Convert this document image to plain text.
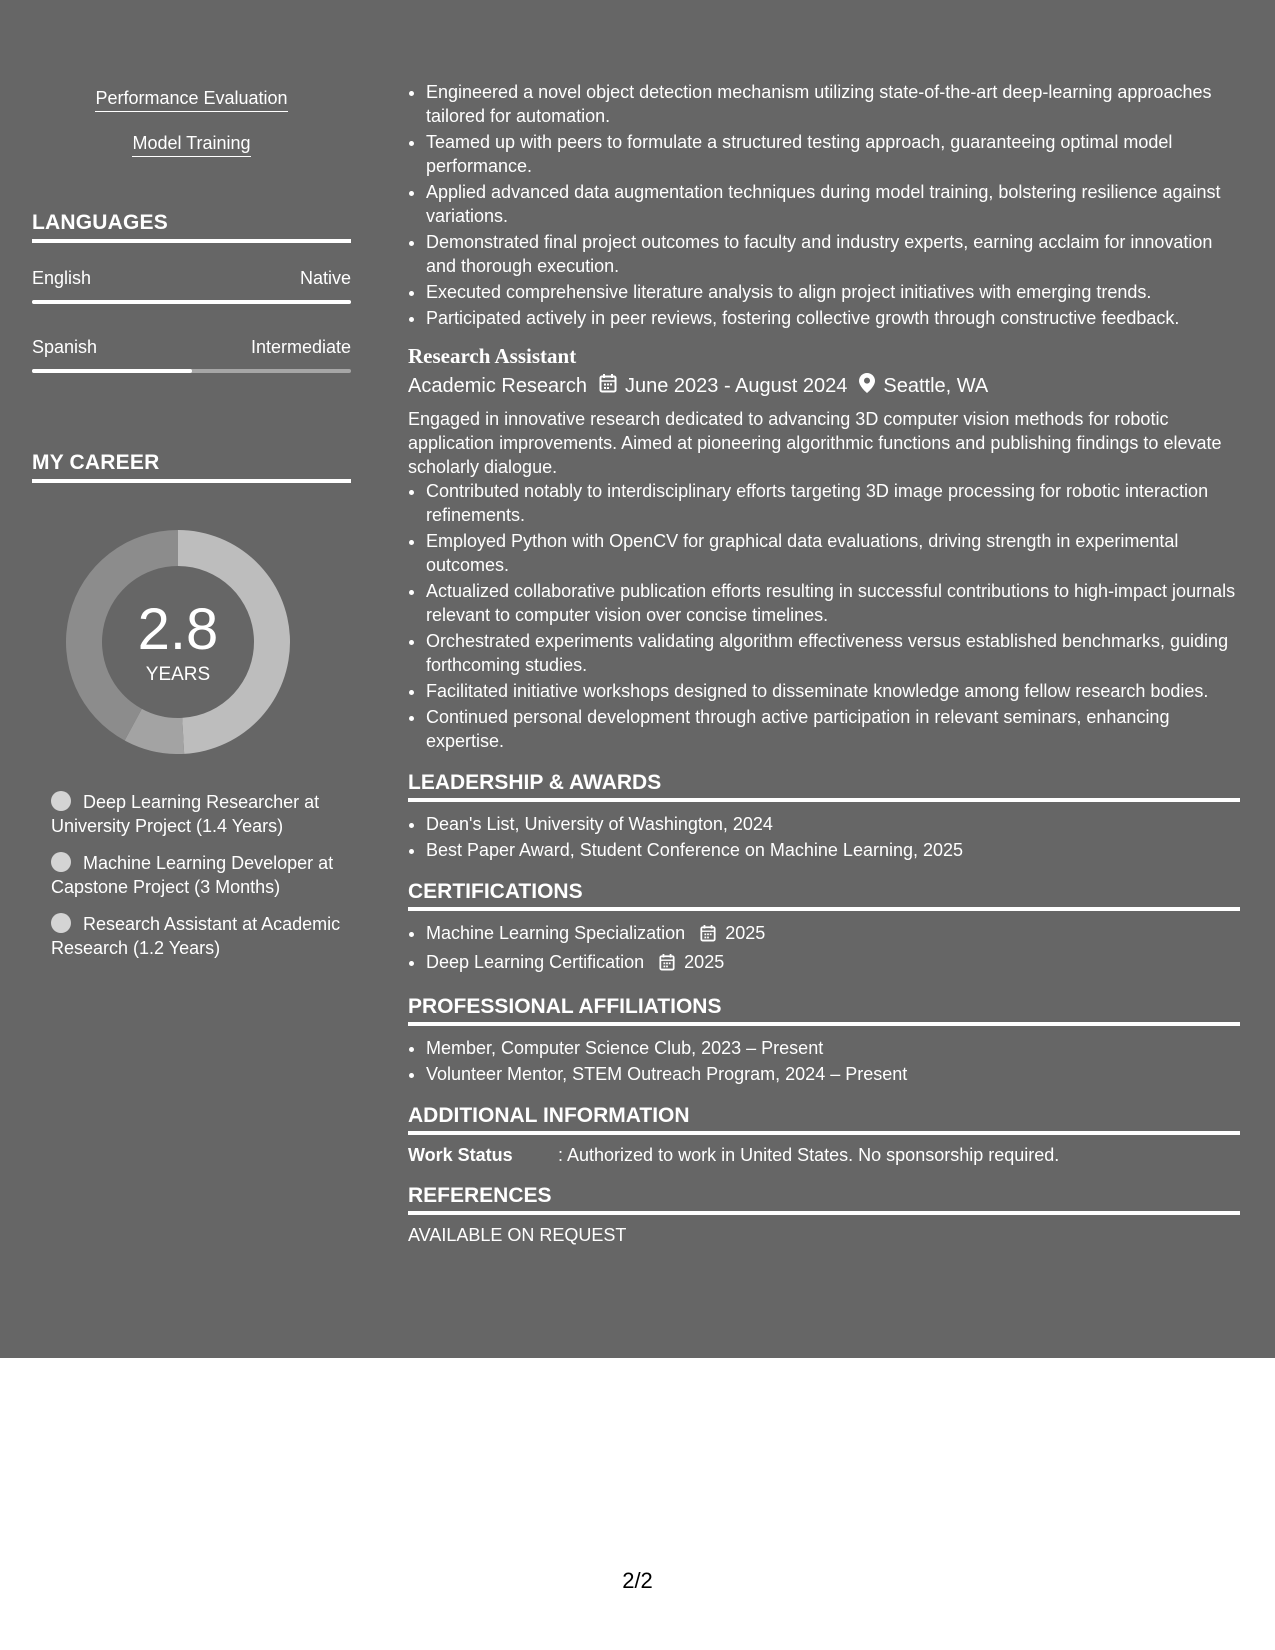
Performance Evaluation
Model Training
LANGUAGES
English	Native
Spanish	Intermediate
MY CAREER
2.8
YEARS
Deep Learning Researcher at University Project (1.4 Years)
Machine Learning Developer at Capstone Project (3 Months)
Research Assistant at Academic Research (1.2 Years)
• Engineered a novel object detection mechanism utilizing state-of-the-art deep-learning approaches tailored for automation.
• Teamed up with peers to formulate a structured testing approach, guaranteeing optimal model performance.
• Applied advanced data augmentation techniques during model training, bolstering resilience against variations.
• Demonstrated final project outcomes to faculty and industry experts, earning acclaim for innovation and thorough execution.
• Executed comprehensive literature analysis to align project initiatives with emerging trends.
• Participated actively in peer reviews, fostering collective growth through constructive feedback.
Research Assistant
Academic Research June 2023 - August 2024 Seattle, WA
Engaged in innovative research dedicated to advancing 3D computer vision methods for robotic application improvements. Aimed at pioneering algorithmic functions and publishing findings to elevate scholarly dialogue.
• Contributed notably to interdisciplinary efforts targeting 3D image processing for robotic interaction refinements.
• Employed Python with OpenCV for graphical data evaluations, driving strength in experimental outcomes.
• Actualized collaborative publication efforts resulting in successful contributions to high-impact journals relevant to computer vision over concise timelines.
• Orchestrated experiments validating algorithm effectiveness versus established benchmarks, guiding forthcoming studies.
• Facilitated initiative workshops designed to disseminate knowledge among fellow research bodies.
• Continued personal development through active participation in relevant seminars, enhancing expertise.
LEADERSHIP & AWARDS
• Dean's List, University of Washington, 2024
• Best Paper Award, Student Conference on Machine Learning, 2025
CERTIFICATIONS
• Machine Learning Specialization 2025
• Deep Learning Certification 2025
PROFESSIONAL AFFILIATIONS
• Member, Computer Science Club, 2023 – Present
• Volunteer Mentor, STEM Outreach Program, 2024 – Present
ADDITIONAL INFORMATION
Work Status	: Authorized to work in United States. No sponsorship required.
REFERENCES
AVAILABLE ON REQUEST
2/2
